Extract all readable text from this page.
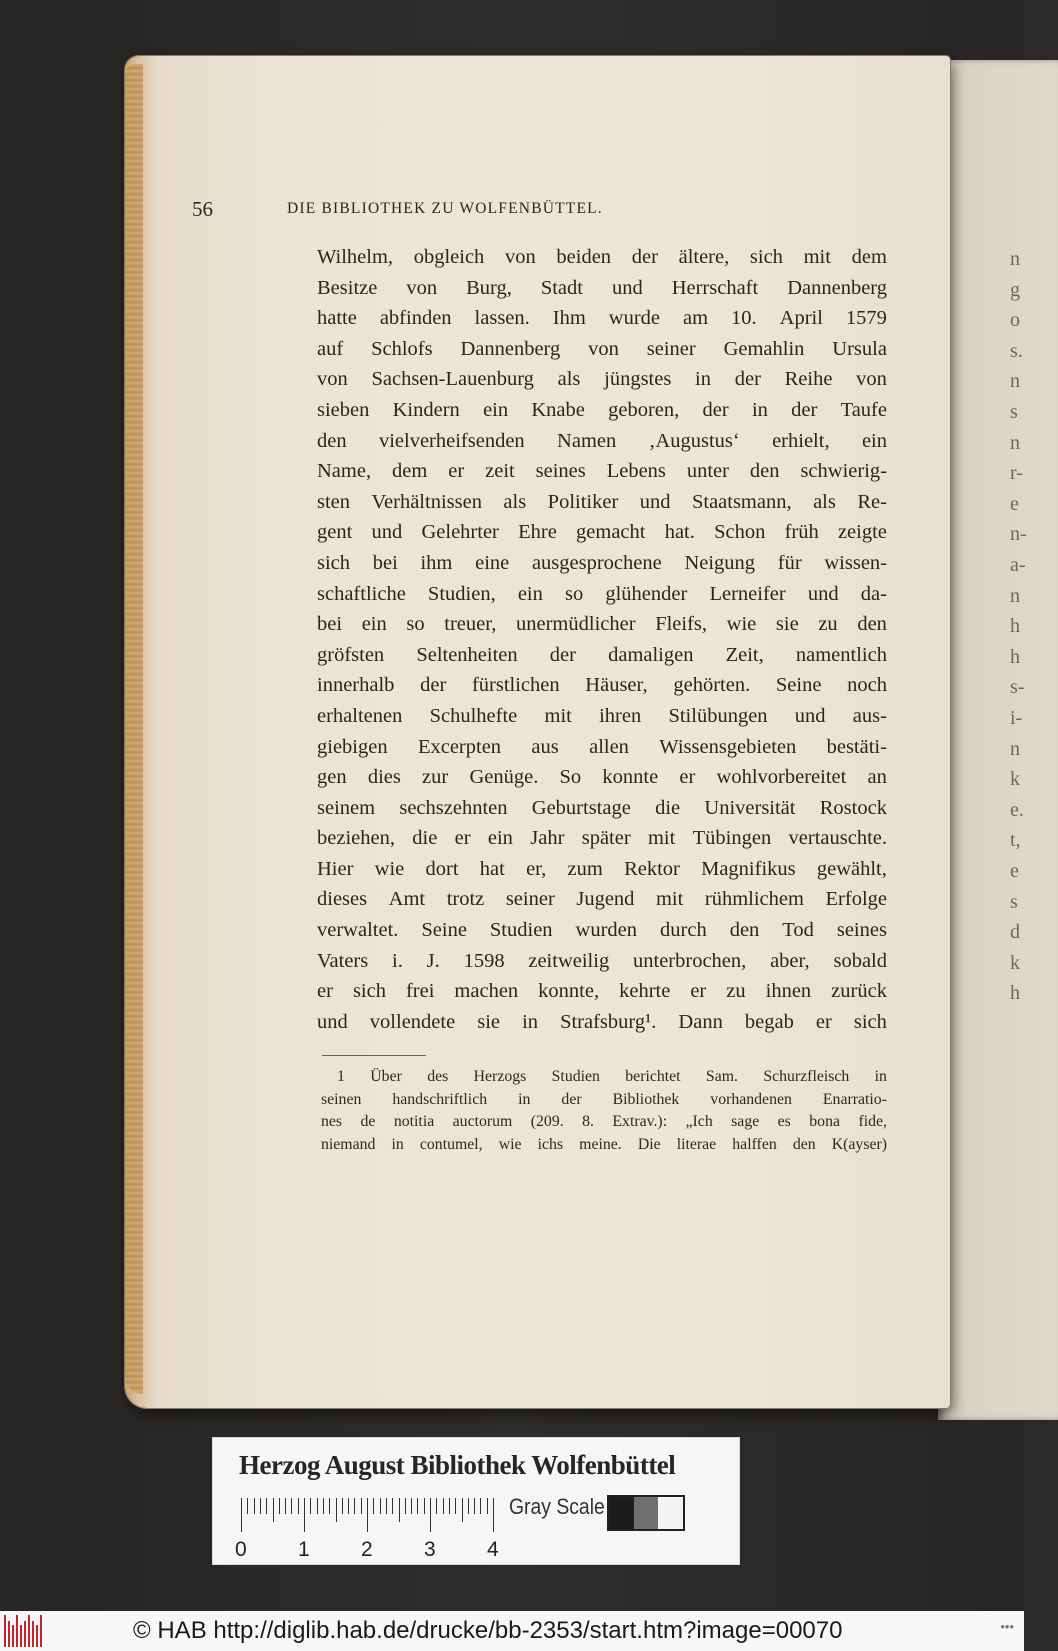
n
g
o
s.
n
s
n
r-
e
n-
a-
n
h
h
s-
i-
n
k
e.
t,
e
s
d
k
h
56	DIE BIBLIOTHEK ZU WOLFENBÜTTEL.
Wilhelm, obgleich von beiden der ältere, sich mit dem
Besitze von Burg, Stadt und Herrschaft Dannenberg
hatte abfinden lassen. Ihm wurde am 10. April 1579
auf Schlofs Dannenberg von seiner Gemahlin Ursula
von Sachsen-Lauenburg als jüngstes in der Reihe von
sieben Kindern ein Knabe geboren, der in der Taufe
den vielverheifsenden Namen ‚Augustus‘ erhielt, ein
Name, dem er zeit seines Lebens unter den schwierig-
sten Verhältnissen als Politiker und Staatsmann, als Re-
gent und Gelehrter Ehre gemacht hat. Schon früh zeigte
sich bei ihm eine ausgesprochene Neigung für wissen-
schaftliche Studien, ein so glühender Lerneifer und da-
bei ein so treuer, unermüdlicher Fleifs, wie sie zu den
gröfsten Seltenheiten der damaligen Zeit, namentlich
innerhalb der fürstlichen Häuser, gehörten. Seine noch
erhaltenen Schulhefte mit ihren Stilübungen und aus-
giebigen Excerpten aus allen Wissensgebieten bestäti-
gen dies zur Genüge. So konnte er wohlvorbereitet an
seinem sechszehnten Geburtstage die Universität Rostock
beziehen, die er ein Jahr später mit Tübingen vertauschte.
Hier wie dort hat er, zum Rektor Magnifikus gewählt,
dieses Amt trotz seiner Jugend mit rühmlichem Erfolge
verwaltet. Seine Studien wurden durch den Tod seines
Vaters i. J. 1598 zeitweilig unterbrochen, aber, sobald
er sich frei machen konnte, kehrte er zu ihnen zurück
und vollendete sie in Strafsburg¹. Dann begab er sich
1 Über des Herzogs Studien berichtet Sam. Schurzfleisch in
seinen handschriftlich in der Bibliothek vorhandenen Enarratio-
nes de notitia auctorum (209. 8. Extrav.): „Ich sage es bona fide,
niemand in contumel, wie ichs meine. Die literae halffen den K(ayser)
Herzog August Bibliothek Wolfenbüttel
0 1 2 3 4
Gray Scale
© HAB http://diglib.hab.de/drucke/bb-2353/start.htm?image=00070	•••
